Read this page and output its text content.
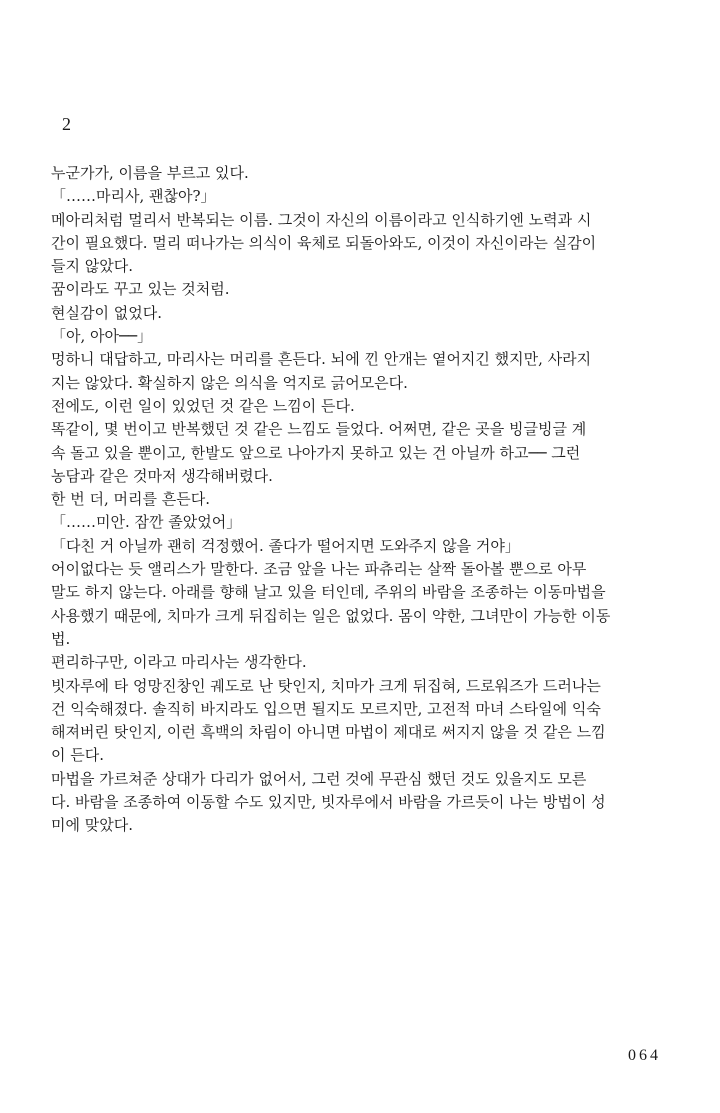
2

누군가가, 이름을 부르고 있다.

「……마리사, 괜찮아?」

메아리처럼 멀리서 반복되는 이름. 그것이 자신의 이름이라고 인식하기엔 노력과 시

간이 필요했다. 멀리 떠나가는 의식이 육체로 되돌아와도, 이것이 자신이라는 실감이

들지 않았다.

꿈이라도 꾸고 있는 것처럼.

현실감이 없었다.

「아, 아아──」

멍하니 대답하고, 마리사는 머리를 흔든다. 뇌에 낀 안개는 옅어지긴 했지만, 사라지

지는 않았다. 확실하지 않은 의식을 억지로 긁어모은다.

전에도, 이런 일이 있었던 것 같은 느낌이 든다.

똑같이, 몇 번이고 반복했던 것 같은 느낌도 들었다. 어쩌면, 같은 곳을 빙글빙글 계

속 돌고 있을 뿐이고, 한발도 앞으로 나아가지 못하고 있는 건 아닐까 하고── 그런

농담과 같은 것마저 생각해버렸다.

한 번 더, 머리를 흔든다.

「……미안. 잠깐 졸았었어」

「다친 거 아닐까 괜히 걱정했어. 졸다가 떨어지면 도와주지 않을 거야」

어이없다는 듯 앨리스가 말한다. 조금 앞을 나는 파츄리는 살짝 돌아볼 뿐으로 아무

말도 하지 않는다. 아래를 향해 날고 있을 터인데, 주위의 바람을 조종하는 이동마법을

사용했기 때문에, 치마가 크게 뒤집히는 일은 없었다. 몸이 약한, 그녀만이 가능한 이동

법.

편리하구만, 이라고 마리사는 생각한다.

빗자루에 타 엉망진창인 궤도로 난 탓인지, 치마가 크게 뒤집혀, 드로워즈가 드러나는

건 익숙해졌다. 솔직히 바지라도 입으면 될지도 모르지만, 고전적 마녀 스타일에 익숙

해져버린 탓인지, 이런 흑백의 차림이 아니면 마법이 제대로 써지지 않을 것 같은 느낌

이 든다.

마법을 가르쳐준 상대가 다리가 없어서, 그런 것에 무관심 했던 것도 있을지도 모른

다. 바람을 조종하여 이동할 수도 있지만, 빗자루에서 바람을 가르듯이 나는 방법이 성

미에 맞았다.

064
